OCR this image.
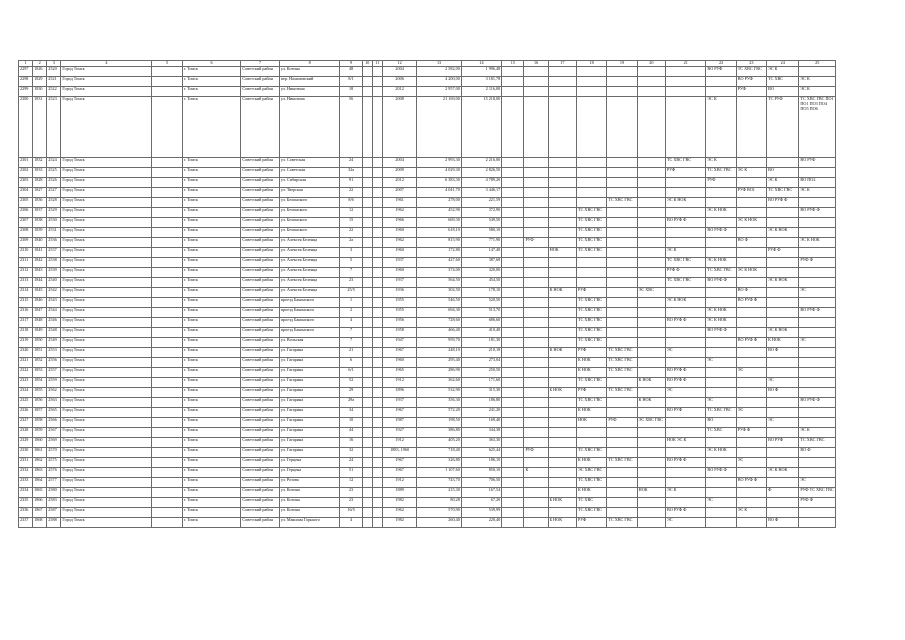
1	2	3	4	5	6	7	8	9	10	11	12	13	14	15	16	17	18	19	20	21	22	23	24	25
2297	1826	2520	Город Томск		г. Томск	Советский район	ул. Котина	48			2004	2 582,00	1 996,48								ВО РУФ	ТС ХВС ГВС	ЭС К	
2298	1829	2521	Город Томск		г. Томск	Советский район	пер. Нахимовский	8/1			2006	4 200,00	3 181,78									ВО РУФ	ТС ХВС	ЭС К
2299	1830	2522	Город Томск		г. Томск	Советский район	ул. Никитина	18			2012	2 957,00	2 116,00									РУФ	ВО	ЭС К
2300	1831	2523	Город Томск		г. Томск	Советский район	ул. Никитина	56			2008	21 169,00	15 218,00								ЭС К		ТС РУФ	ТС ХВС ГВС ПО1 ПО1 ПО3 ПО4 ПО5 ПО6
2301	1832	2524	Город Томск		г. Томск	Советский район	ул. Советская	24			2004	2 993,30	2 216,00							ТС ХВС ГВС	ЭС К			ВО РУФ
2302	1833	2525	Город Томск		г. Томск	Советский район	ул. Советская	32a			2009	4 029,30	2 826,50							РУФ	ТС ХВС ГВС	ЭС К	ВО	
2303	1828	2526	Город Томск		г. Томск	Советский район	ул. Сибирская	91			2012	6 383,30	4 789,20								РУФ		ЭС К	ВО ПО2
2304	1827	2527	Город Томск		г. Томск	Советский район	ул. Тверская	22			2007	4 041,70	3 446,17									РУФ ВО1	ТС ХВС ГВС	ЭС К
2305	1836	2528	Город Томск		г. Томск	Советский район	ул. Белинского	8/6			1961	278,00	221,59					ТС ХВС ГВС		ЭС К НОК			ВО РУФ Ф	
2306	1837	2529	Город Томск		г. Томск	Советский район	ул. Белинского	12			1962	452,90	372,90				ТС ХВС ГВС				ЭС К НОК			ВО РУФ Ф
2307	1838	2530	Город Томск		г. Томск	Советский район	ул. Белинского	15			1966	669,30	549,50				ТС ХВС ГВС			ВО РУФ Ф		ЭС К НОК		
2308	1839	2531	Город Томск		г. Томск	Советский район	ул. Белинского	22			1960	618,10	580,10				ТС ХВС ГВС				ВО РУФ Ф		ЭС К НОК	
2309	1840	2536	Город Томск		г. Томск	Советский район	ул. Алексея Беленца	2a			1962	815,90	771,90		РУФ		ТС ХВС ГВС					ВО Ф		ЭС К НОК
2310	1841	2537	Город Томск		г. Томск	Советский район	ул. Алексея Беленца	3			1960	172,80	147,40			НОК	ТС ХВС ГВС			ЭС К			РУФ Ф	
2311	1842	2538	Город Томск		г. Томск	Советский район	ул. Алексея Беленца	5			1937	427,60	387,68							ТС ХВС ГВС	ЭС К НОК			РУФ Ф
2312	1843	2539	Город Томск		г. Томск	Советский район	ул. Алексея Беленца	7			1960	374,00	320,00							РУФ Ф	ТС ХВС ГВС	ЭС К НОК		
2313	1844	2540	Город Томск		г. Томск	Советский район	ул. Алексея Беленца	23			1937	564,50	454,50							ТС ХВС ГВС	ВО РУФ Ф		ЭС К НОК	
2314	1845	2542	Город Томск		г. Томск	Советский район	ул. Алексея Беленца	25/5			1936	302,50	178,10			К НОК	РУФ		ЭС ХВС			ВО Ф		ЭС
2315	1846	2543	Город Томск		г. Томск	Советский район	проезд Бакинского	1			1955	546,50	520,50				ТС ХВС ГВС			ЭС К НОК		ВО РУФ Ф		
2316	1847	2544	Город Томск		г. Томск	Советский район	проезд Бакинского	2			1955	694,30	513,70				ТС ХВС ГВС				ЭС К НОК			ВО РУФ Ф
2317	1848	2546	Город Томск		г. Томск	Советский район	проезд Бакинского	4			1956	728,60	686,60				ТС ХВС ГВС			ВО РУФ Ф	ЭС К НОК			
2318	1849	2548	Город Томск		г. Томск	Советский район	проезд Бакинского	7			1958	466,40	410,40				ТС ХВС ГВС				ВО РУФ Ф		ЭС К НОК	
2319	1850	2549	Город Томск		г. Томск	Советский район	ул. Вольская	7			1947	959,70	181,30				ТС ХВС ГВС					ВО РУФ Ф	К НОК	ЭС
2320	1851	2553	Город Томск		г. Томск	Советский район	ул. Гагарина	21			1967	248,10	210,18			К НОК	РУФ	ТС ХВС ГВС		ЭС			ВО Ф	
2321	1852	2556	Город Томск		г. Томск	Советский район	ул. Гагарина	6			1960	295,40	273,04				К НОК	ТС ХВС ГВС			ЭС			
2322	1853	2557	Город Томск		г. Томск	Советский район	ул. Гагарина	6/1			1965	286,90	250,50				К НОК	ТС ХВС ГВС		ВО РУФ Ф		ЭС		
2323	1854	2559	Город Томск		г. Томск	Советский район	ул. Гагарина	52			1912	362,60	171,60				ТС ХВС ГВС		К НОК	ВО РУФ Ф			ЭС	
2324	1855	2562	Город Томск		г. Томск	Советский район	ул. Гагарина	29			1896	532,90	315,30			Б НОК	РУФ	ТС ХВС ГВС		ЭС			ВО Ф	
2325	1856	2563	Город Томск		г. Томск	Советский район	ул. Гагарина	29a			1937	356,30	186,80				ТС ХВС ГВС		К НОК		ЭС			ВО РУФ Ф
2326	1857	2565	Город Томск		г. Томск	Советский район	ул. Гагарина	34			1967	572,20	241,20				К НОК			ВО РУФ	ТС ХВС ГВС	ЭС		
2327	1858	2566	Город Томск		г. Томск	Советский район	ул. Гагарина	10			1987	198,50	169,40				НОК	РУФ	ЭС ХВС ГВС		ВО		ЭС	
2328	1859	2567	Город Томск		г. Томск	Советский район	ул. Гагарина	44			1927	386,80	344,38								ТС ХВС	РУФ Ф		ЭС К
2329	1860	2569	Город Томск		г. Томск	Советский район	ул. Гагарина	16			1912	405,20	363,30							НОК ЭС К			ВО РУФ	ТС ХВС ГВС
2330	1861	2570	Город Томск		г. Томск	Советский район	ул. Гагарина	32			1883, 1960	718,40	625,44		РУФ		ТС ХВС ГВС				ЭС К НОК			ВО Ф
2331	1862	2575	Город Томск		г. Томск	Советский район	ул. Герцена	24			1967	326,80	186,10				К НОК	ТС ХВС ГВС		ВО РУФ Ф		ЭС		
2332	1863	2576	Город Томск		г. Томск	Советский район	ул. Герцена	51			1967	1 107,60	850,10		К		ЭС ХВС ГВС				ВО РУФ Ф		ЭС К НОК	
2333	1864	2577	Город Томск		г. Томск	Советский район	ул. Розова	12			1912	743,70	706,50				ТС ХВС ГВС					ВО РУФ Ф		ЭС
2334	1865	2580	Город Томск		г. Томск	Советский район	ул. Котина	23			1889	215,30	167,54				К НОК		НОК	ЭС К			Ф	РУФ ТС ХВС ГВС
2335	1866	2583	Город Томск		г. Томск	Советский район	ул. Котина	23			1982	80,28	67,20			Б НОК	ТС ХВС				ЭС			РУФ Ф
2336	1867	2587	Город Томск		г. Томск	Советский район	ул. Котина	16/5			1962	570,90	539,99				ТС ХВС ГВС			ВО РУФ Ф		ЭС К		
2337	1868	2588	Город Томск		г. Томск	Советский район	ул. Максима Горького	4			1982	260,40	220,40			Б НОК	РУФ	ТС ХВС ГВС		ЭС			ВО Ф	
